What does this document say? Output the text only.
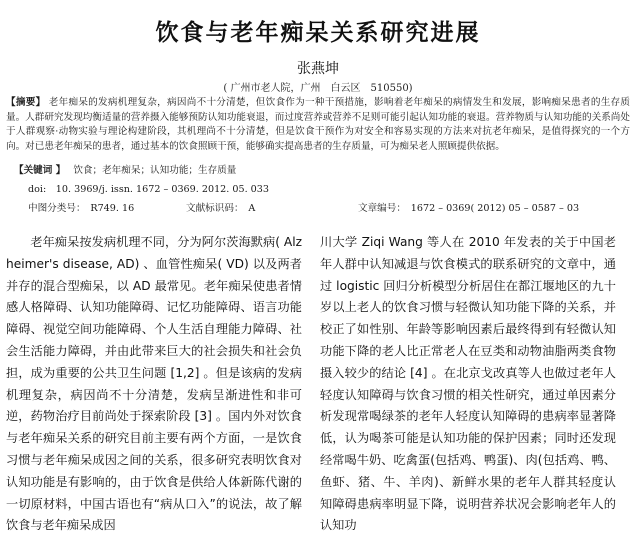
饮食与老年痴呆关系研究进展
张燕坤
( 广州市老人院，广州　白云区　510550)
【摘要】 老年痴呆的发病机理复杂，病因尚不十分清楚，但饮食作为一种干预措施，影响着老年痴呆的病情发生和发展，影响痴呆患者的生存质量。人群研究发现均衡适量的营养摄入能够预防认知功能衰退，而过度营养或营养不足则可能引起认知功能的衰退。营养物质与认知功能的关系尚处于人群观察·动物实验与理论构建阶段，其机理尚不十分清楚，但是饮食干预作为对安全和容易实现的方法来对抗老年痴呆，是值得探究的一个方向。对已患老年痴呆的患者，通过基本的饮食照顾干预，能够确实提高患者的生存质量，可为痴呆老人照顾提供依据。
【关键词 】 饮食；老年痴呆；认知功能；生存质量
doi:　10. 3969/j. issn. 1672 – 0369. 2012. 05. 033
中图分类号：　R749. 16	文献标识码：　A	文章编号：　1672 – 0369( 2012) 05 – 0587 – 03

老年痴呆按发病机理不同，分为阿尔茨海默病( Alzheimer's disease, AD) 、血管性痴呆( VD) 以及两者并存的混合型痴呆，以 AD 最常见。老年痴呆使患者情感人格障碍、认知功能障碍、记忆功能障碍、语言功能障碍、视觉空间功能障碍、个人生活自理能力障碍、社会生活能力障碍，并由此带来巨大的社会损失和社会负担，成为重要的公共卫生问题 [1,2] 。但是该病的发病机理复杂，病因尚不十分清楚，发病呈渐进性和非可逆，药物治疗目前尚处于探索阶段 [3] 。国内外对饮食与老年痴呆关系的研究目前主要有两个方面，一是饮食习惯与老年痴呆成因之间的关系，很多研究表明饮食对认知功能是有影响的，由于饮食是供给人体新陈代谢的一切原材料，中国古语也有“病从口入”的说法，故了解饮食与老年痴呆成因

川大学 Ziqi Wang 等人在 2010 年发表的关于中国老年人群中认知减退与饮食模式的联系研究的文章中，通过 logistic 回归分析模型分析居住在都江堰地区的九十岁以上老人的饮食习惯与轻微认知功能下降的关系，并校正了如性别、年龄等影响因素后最终得到有轻微认知功能下降的老人比正常老人在豆类和动物油脂两类食物摄入较少的结论 [4] 。在北京戈改真等人也做过老年人轻度认知障碍与饮食习惯的相关性研究，通过单因素分析发现常喝绿茶的老年人轻度认知障碍的患病率显著降低，认为喝茶可能是认知功能的保护因素；同时还发现经常喝牛奶、吃禽蛋(包括鸡、鸭蛋)、肉(包括鸡、鸭、鱼虾、猪、牛、羊肉)、新鲜水果的老年人群其轻度认知障碍患病率明显下降，说明营养状况会影响老年人的认知功
